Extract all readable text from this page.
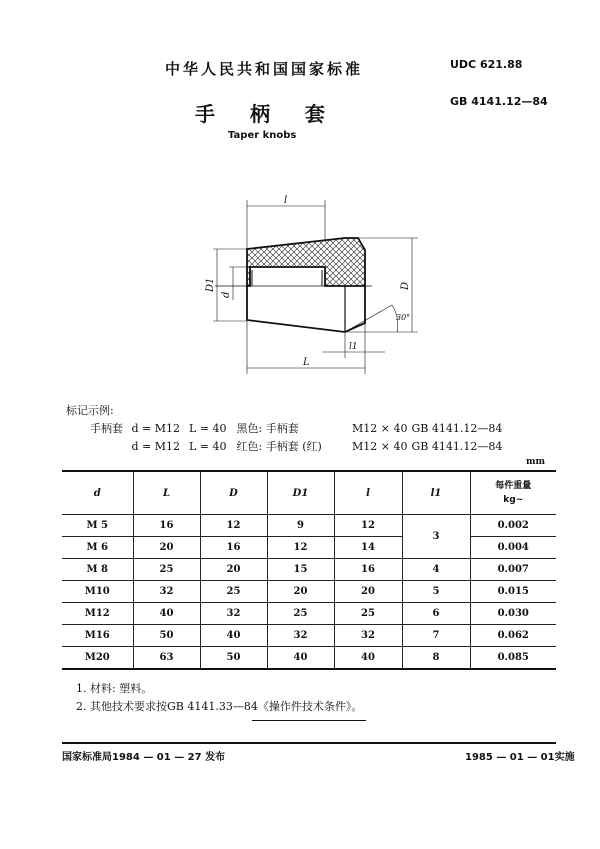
中华人民共和国国家标准	UDC 621.88
手 柄 套
GB 4141.12—84
Taper knobs
l
D1
d
D
30°
l1
L
标记示例:
手柄套 d = M12 L = 40 黑色: 手柄套	M12 × 40 GB 4141.12—84
d = M12 L = 40 红色: 手柄套 (红)	M12 × 40 GB 4141.12—84
mm
d	L	D	D1	l	l1	每件重量
kg~
M 5	16	12	9	12	3	0.002
M 6	20	16	12	14		0.004
M 8	25	20	15	16	4	0.007
M10	32	25	20	20	5	0.015
M12	40	32	25	25	6	0.030
M16	50	40	32	32	7	0.062
M20	63	50	40	40	8	0.085
1. 材料: 塑料。
2. 其他技术要求按GB 4141.33—84《操作件技术条件》。
国家标准局1984 — 01 — 27 发布	1985 — 01 — 01实施
